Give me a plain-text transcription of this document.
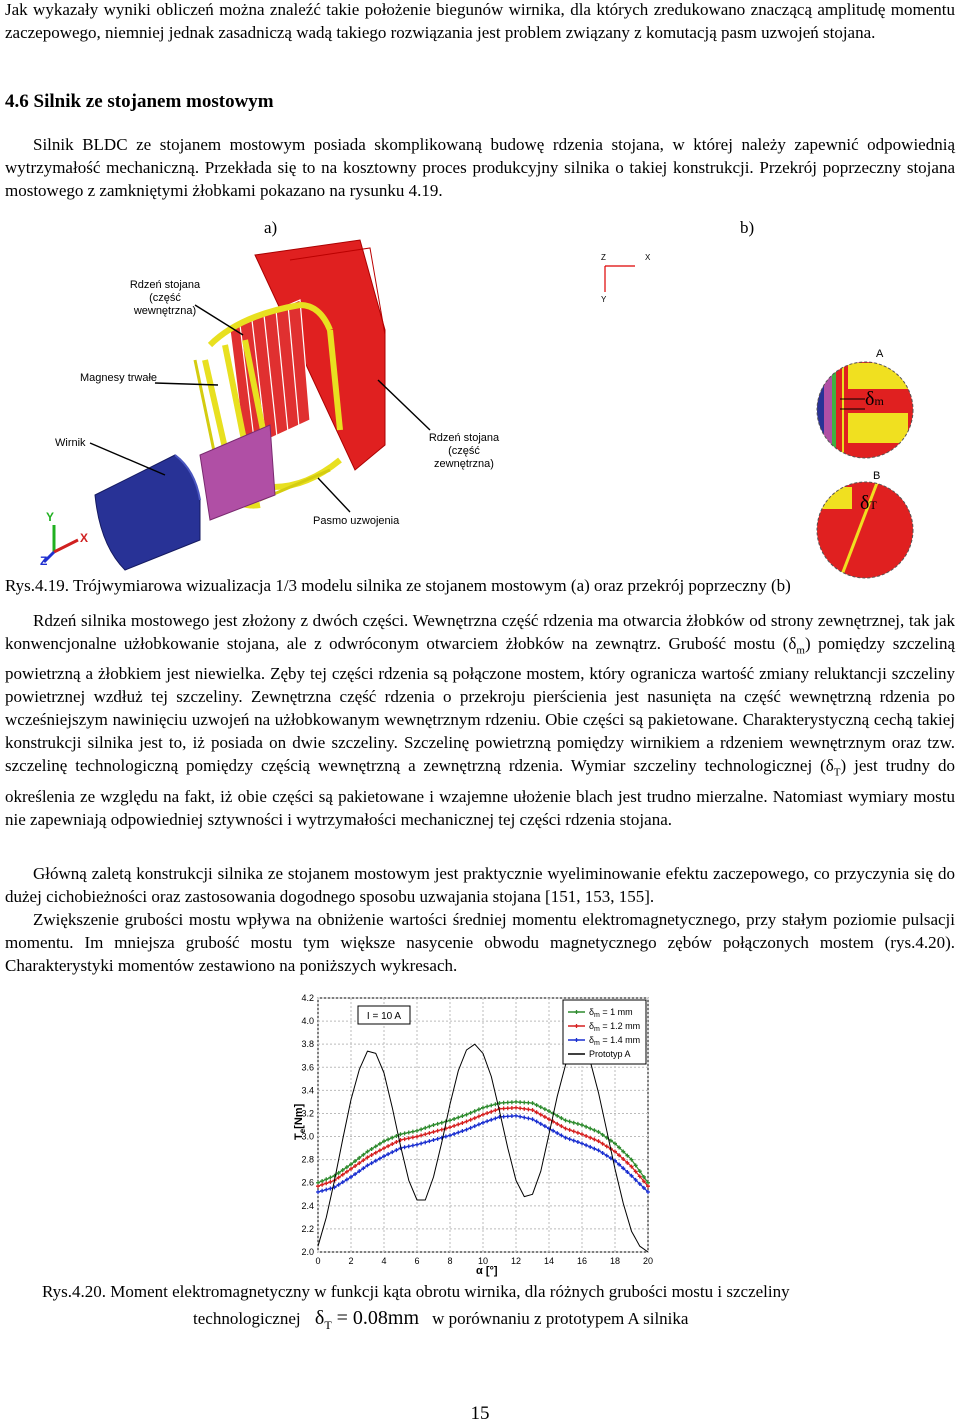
Jak wykazały wyniki obliczeń można znaleźć takie położenie biegunów wirnika, dla których zredukowano znaczącą amplitudę momentu zaczepowego, niemniej jednak zasadniczą wadą takiego rozwiązania jest problem związany z komutacją pasm uzwojeń stojana.

4.6 Silnik ze stojanem mostowym

Silnik BLDC ze stojanem mostowym posiada skomplikowaną budowę rdzenia stojana, w której należy zapewnić odpowiednią wytrzymałość mechaniczną. Przekłada się to na kosztowny proces produkcyjny silnika o takiej konstrukcji. Przekrój poprzeczny stojana mostowego z zamkniętymi żłobkami pokazano na rysunku 4.19.

a)	b)
Rdzeń stojana
(część wewnętrzna)
Magnesy trwałe
Wirnik	Rdzeń stojana
(część zewnętrzna)
Pasmo uzwojenia
Y
X
Z
Z	X
Y
A
B
A
δm
B
δT
Rys.4.19. Trójwymiarowa wizualizacja 1/3 modelu silnika ze stojanem mostowym (a) oraz przekrój poprzeczny (b)

Rdzeń silnika mostowego jest złożony z dwóch części. Wewnętrzna część rdzenia ma otwarcia żłobków od strony zewnętrznej, tak jak konwencjonalne użłobkowanie stojana, ale z odwróconym otwarciem żłobków na zewnątrz. Grubość mostu $(\delta_m)$ pomiędzy szczeliną powietrzną a żłobkiem jest niewielka. Zęby tej części rdzenia są połączone mostem, który ogranicza wartość zmiany reluktancji szczeliny powietrznej wzdłuż tej szczeliny. Zewnętrzna część rdzenia o przekroju pierścienia jest nasunięta na część wewnętrzną rdzenia po wcześniejszym nawinięciu uzwojeń na użłobkowanym wewnętrznym rdzeniu. Obie części są pakietowane. Charakterystyczną cechą takiej konstrukcji silnika jest to, iż posiada on dwie szczeliny. Szczelinę powietrzną pomiędzy wirnikiem a rdzeniem wewnętrznym oraz tzw. szczelinę technologiczną pomiędzy częścią wewnętrzną a zewnętrzną rdzenia. Wymiar szczeliny technologicznej $(\delta_T)$ jest trudny do określenia ze względu na fakt, iż obie części są pakietowane i wzajemne ułożenie blach jest trudno mierzalne. Natomiast wymiary mostu nie zapewniają odpowiedniej sztywności i wytrzymałości mechanicznej tej części rdzenia stojana.

Główną zaletą konstrukcji silnika ze stojanem mostowym jest praktycznie wyeliminowanie efektu zaczepowego, co przyczynia się do dużej cichobieżności oraz zastosowania dogodnego sposobu uzwajania stojana [151, 153, 155].

Zwiększenie grubości mostu wpływa na obniżenie wartości średniej momentu elektromagnetycznego, przy stałym poziomie pulsacji momentu. Im mniejsza grubość mostu tym większe nasycenie obwodu magnetycznego zębów połączonych mostem (rys.4.20). Charakterystyki momentów zestawiono na poniższych wykresach.

I = 10 A
0	2	4	6	8	10	12	14	16	18	20
2.0
2.2
2.4
2.6
2.8
3.0
3.2
3.4
3.6
3.8
4.0
4.2
$\delta_m = 1$ mm
$\delta_m = 1.2$ mm
$\delta_m = 1.4$ mm
Prototyp A
$T_e[Nm]$
α [°]
Rys.4.20. Moment elektromagnetyczny w funkcji kąta obrotu wirnika, dla różnych grubości mostu i szczeliny
technologicznej $\delta_T = 0.08mm$ w porównaniu z prototypem A silnika
15
